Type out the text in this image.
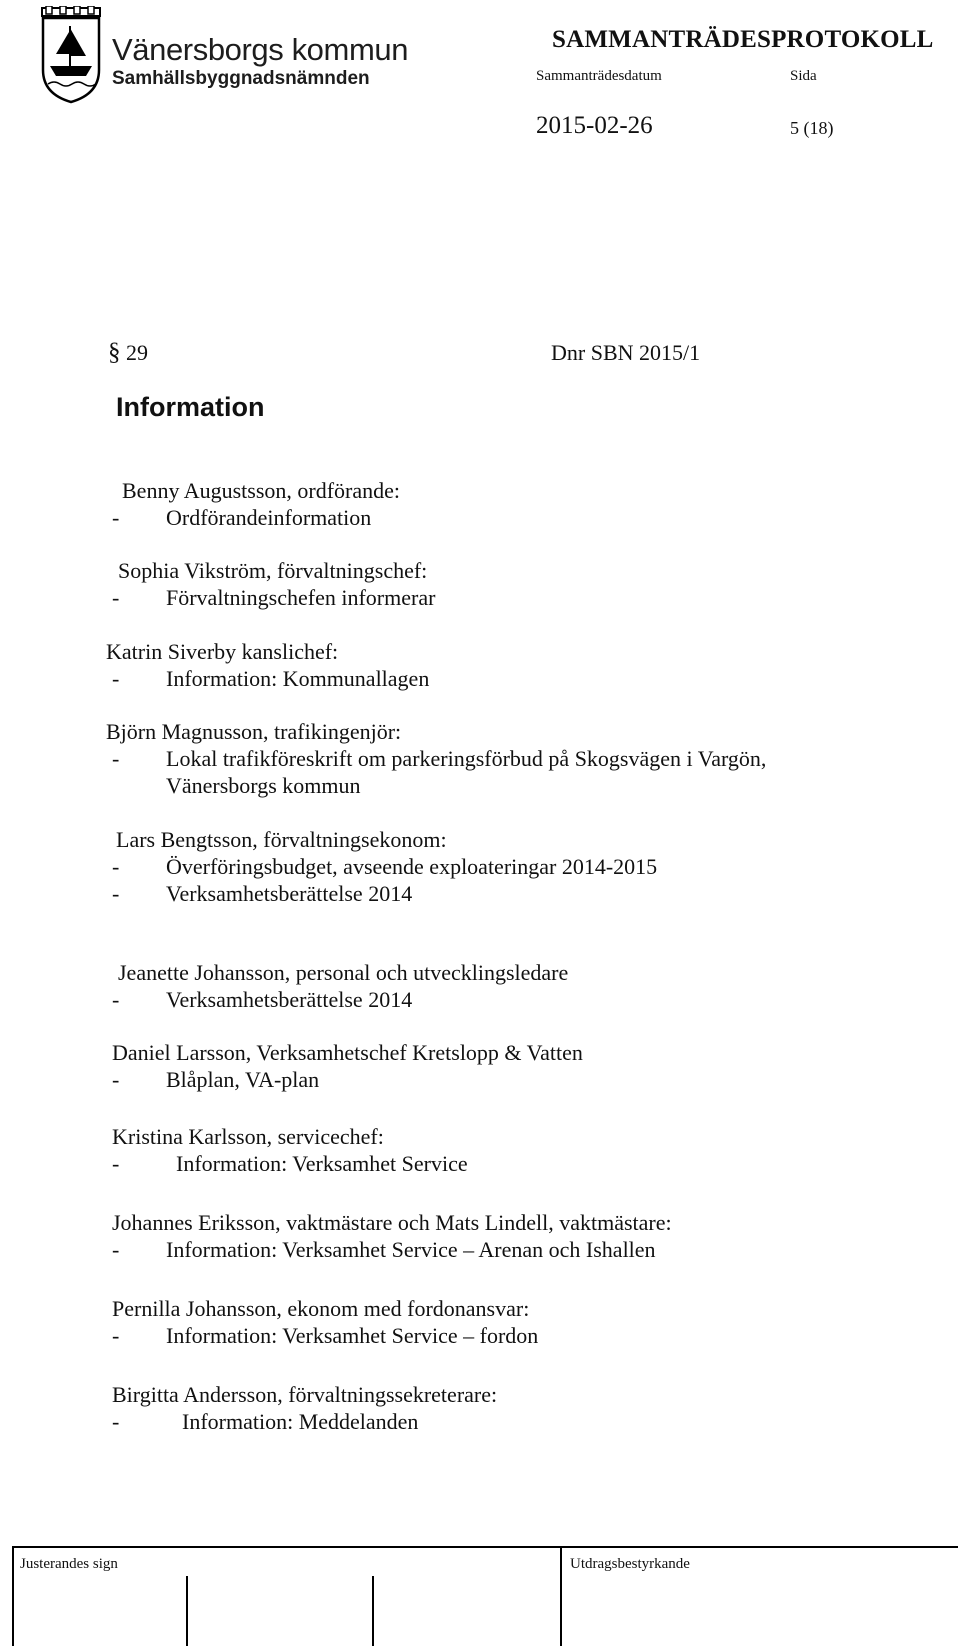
Vänersborgs kommun
Samhällsbyggnadsnämnden
SAMMANTRÄDESPROTOKOLL
Sammanträdesdatum	Sida
2015-02-26	5 (18)
§ 29	Dnr SBN 2015/1
Information
Benny Augustsson, ordförande:
- Ordförandeinformation
Sophia Vikström, förvaltningschef:
- Förvaltningschefen informerar
Katrin Siverby kanslichef:
- Information: Kommunallagen
Björn Magnusson, trafikingenjör:
- Lokal trafikföreskrift om parkeringsförbud på Skogsvägen i Vargön,
Vänersborgs kommun
Lars Bengtsson, förvaltningsekonom:
- Överföringsbudget, avseende exploateringar 2014-2015
- Verksamhetsberättelse 2014
Jeanette Johansson, personal och utvecklingsledare
- Verksamhetsberättelse 2014
Daniel Larsson, Verksamhetschef Kretslopp & Vatten
- Blåplan, VA-plan
Kristina Karlsson, servicechef:
-	Information: Verksamhet Service
Johannes Eriksson, vaktmästare och Mats Lindell, vaktmästare:
- Information: Verksamhet Service – Arenan och Ishallen
Pernilla Johansson, ekonom med fordonansvar:
- Information: Verksamhet Service – fordon
Birgitta Andersson, förvaltningssekreterare:
-	Information: Meddelanden
Justerandes sign	Utdragsbestyrkande
